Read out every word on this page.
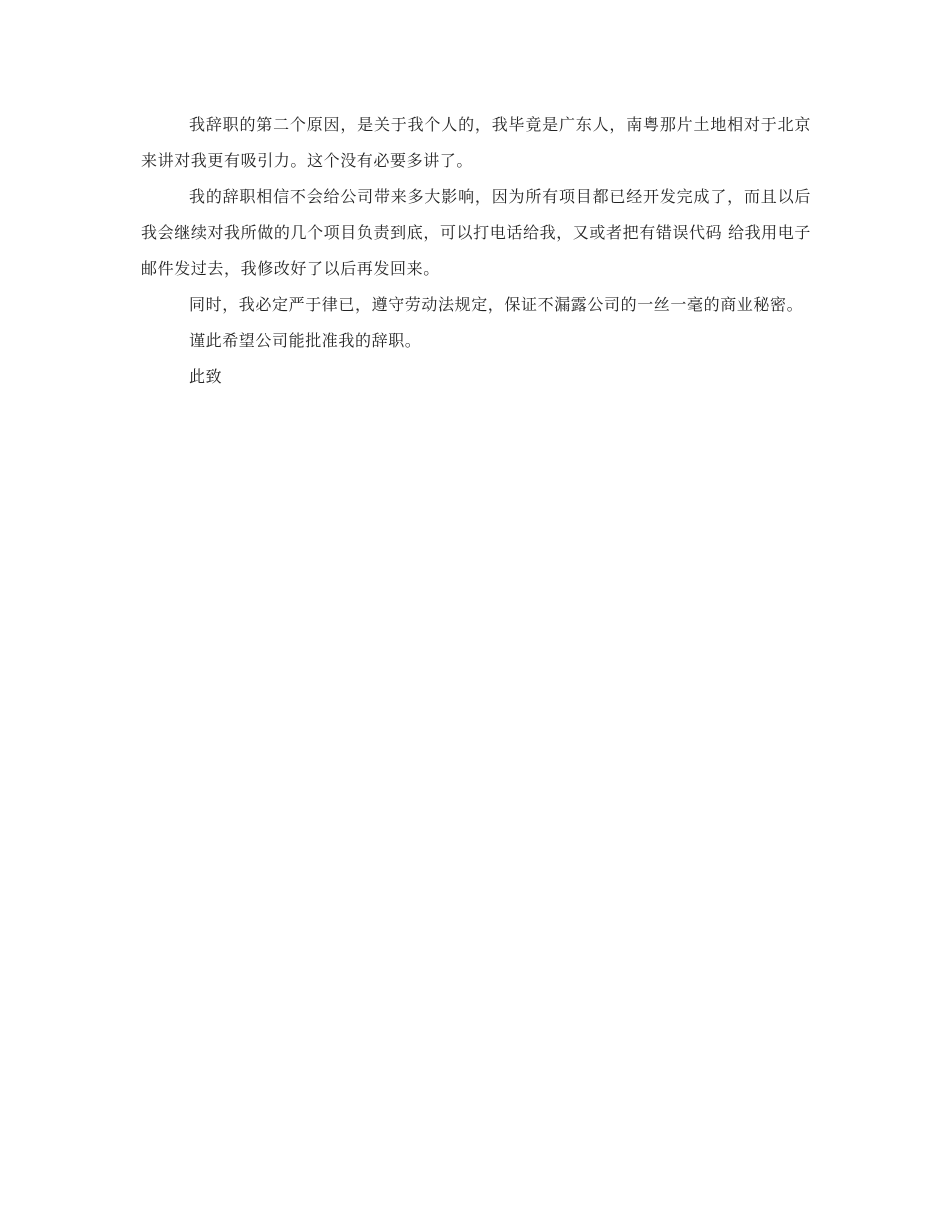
我辞职的第二个原因，是关于我个人的，我毕竟是广东人，南粤那片土地相对于北京来讲对我更有吸引力。这个没有必要多讲了。

我的辞职相信不会给公司带来多大影响，因为所有项目都已经开发完成了，而且以后我会继续对我所做的几个项目负责到底，可以打电话给我，又或者把有错误代码 给我用电子邮件发过去，我修改好了以后再发回来。

同时，我必定严于律已，遵守劳动法规定，保证不漏露公司的一丝一毫的商业秘密。

谨此希望公司能批准我的辞职。

此致
